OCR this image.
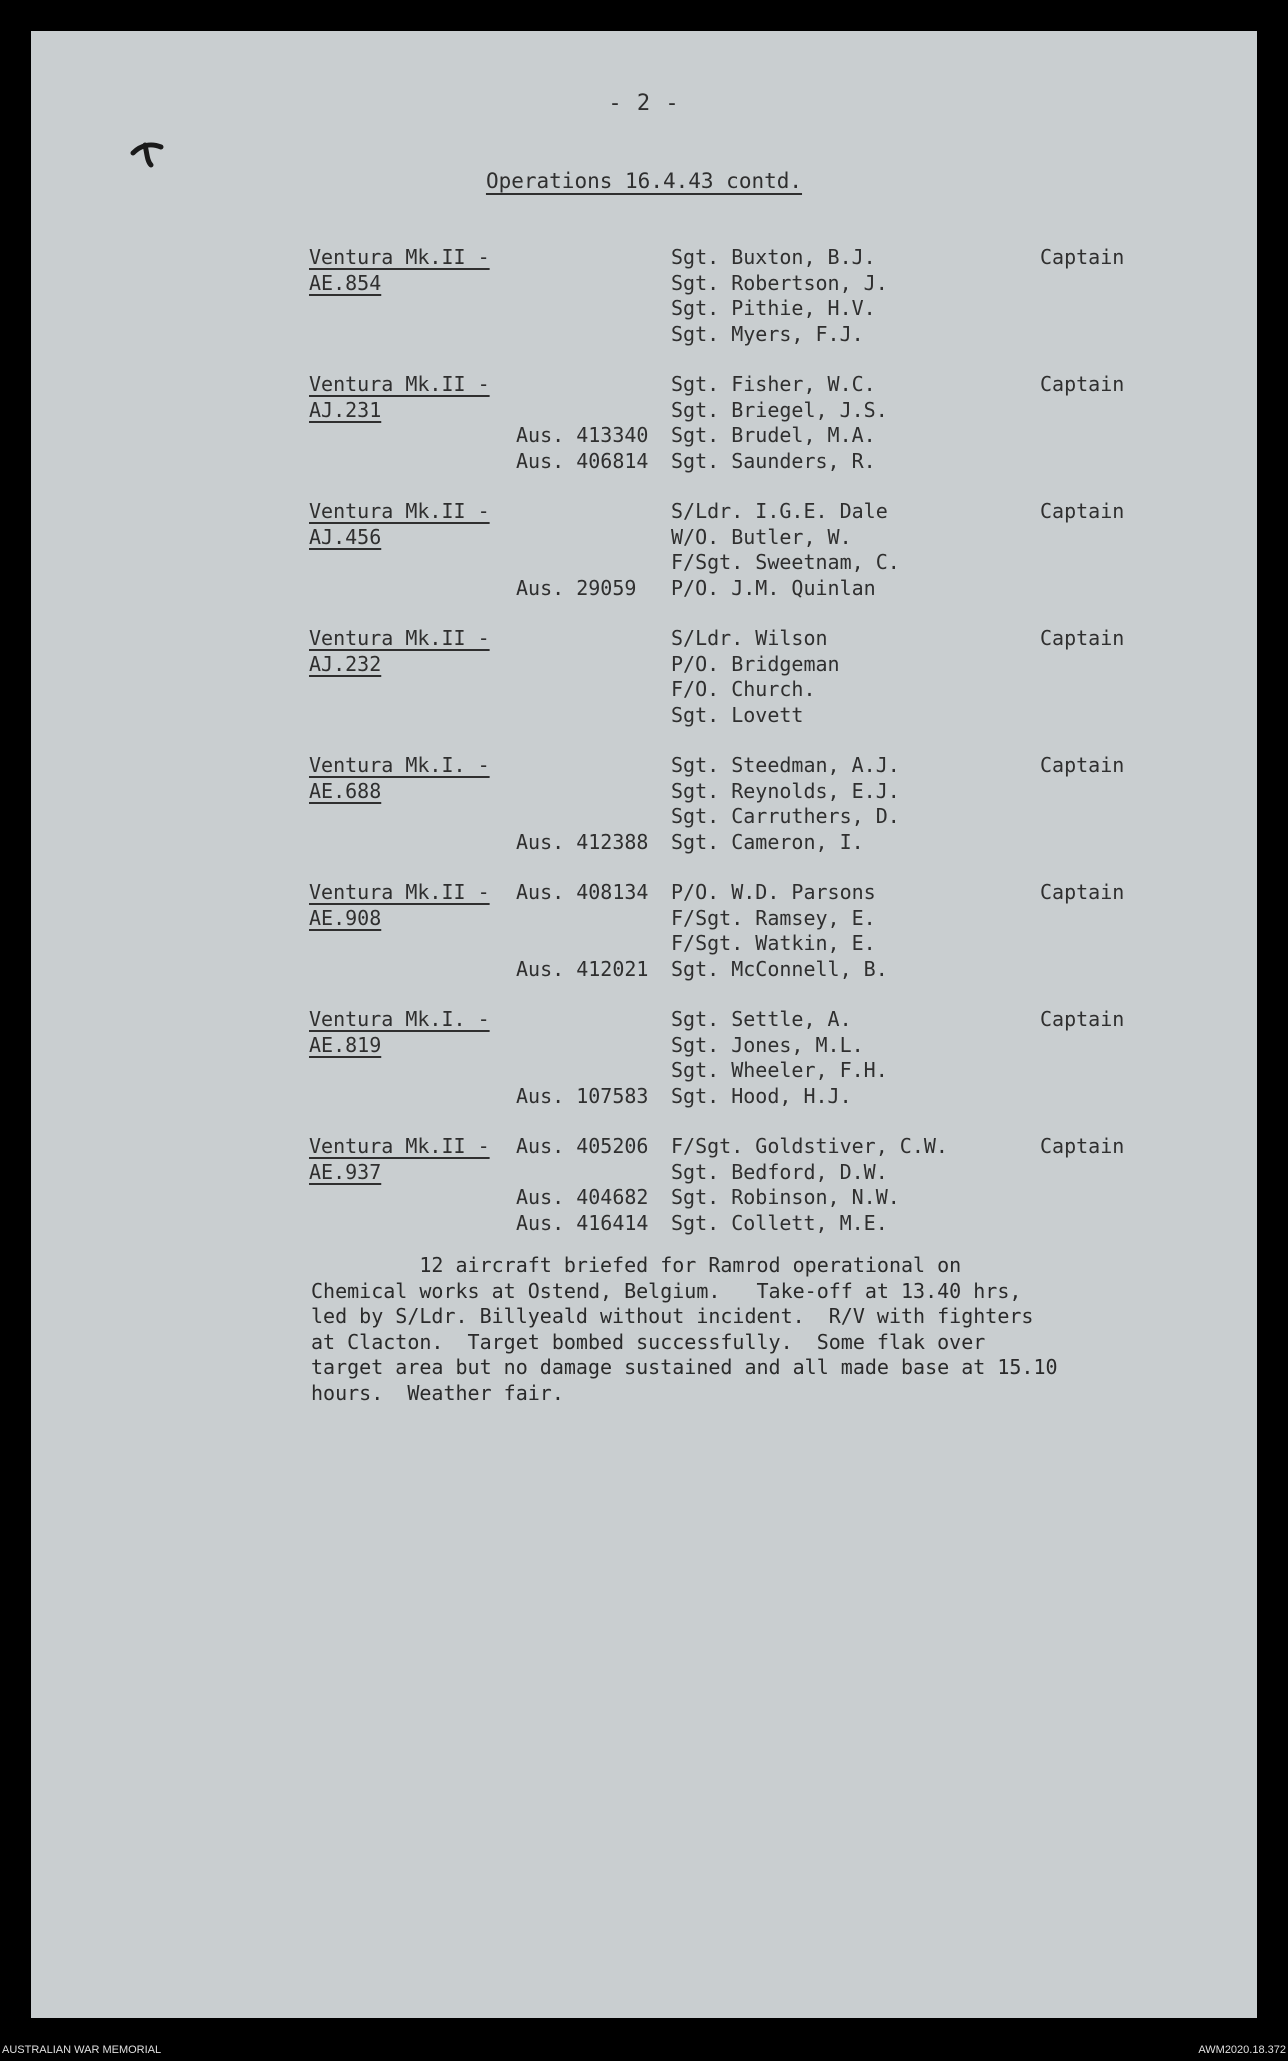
- 2 -
Operations 16.4.43 contd.
Ventura Mk.II -
AE.854
Sgt. Buxton, B.J.
Sgt. Robertson, J.
Sgt. Pithie, H.V.
Sgt. Myers, F.J.
Captain
Ventura Mk.II -
AJ.231
Sgt. Fisher, W.C.
Sgt. Briegel, J.S.
Aus. 413340 Sgt. Brudel, M.A.
Aus. 406814 Sgt. Saunders, R.
Captain
Ventura Mk.II -
AJ.456
S/Ldr. I.G.E. Dale
W/O. Butler, W.
F/Sgt. Sweetnam, C.
Aus. 29059 P/O. J.M. Quinlan
Captain
Ventura Mk.II -
AJ.232
S/Ldr. Wilson
P/O. Bridgeman
F/O. Church.
Sgt. Lovett
Captain
Ventura Mk.I. -
AE.688
Sgt. Steedman, A.J.
Sgt. Reynolds, E.J.
Sgt. Carruthers, D.
Aus. 412388 Sgt. Cameron, I.
Captain
Ventura Mk.II -
AE.908
Aus. 408134 P/O. W.D. Parsons
F/Sgt. Ramsey, E.
F/Sgt. Watkin, E.
Aus. 412021 Sgt. McConnell, B.
Captain
Ventura Mk.I. -
AE.819
Sgt. Settle, A.
Sgt. Jones, M.L.
Sgt. Wheeler, F.H.
Aus. 107583 Sgt. Hood, H.J.
Captain
Ventura Mk.II -
AE.937
Aus. 405206 F/Sgt. Goldstiver, C.W.
Sgt. Bedford, D.W.
Aus. 404682 Sgt. Robinson, N.W.
Aus. 416414 Sgt. Collett, M.E.
Captain
12 aircraft briefed for Ramrod operational on
Chemical works at Ostend, Belgium.   Take-off at 13.40 hrs,
led by S/Ldr. Billyeald without incident.  R/V with fighters
at Clacton.  Target bombed successfully.  Some flak over
target area but no damage sustained and all made base at 15.10
hours.  Weather fair.
AUSTRALIAN WAR MEMORIAL	AWM2020.18.372
